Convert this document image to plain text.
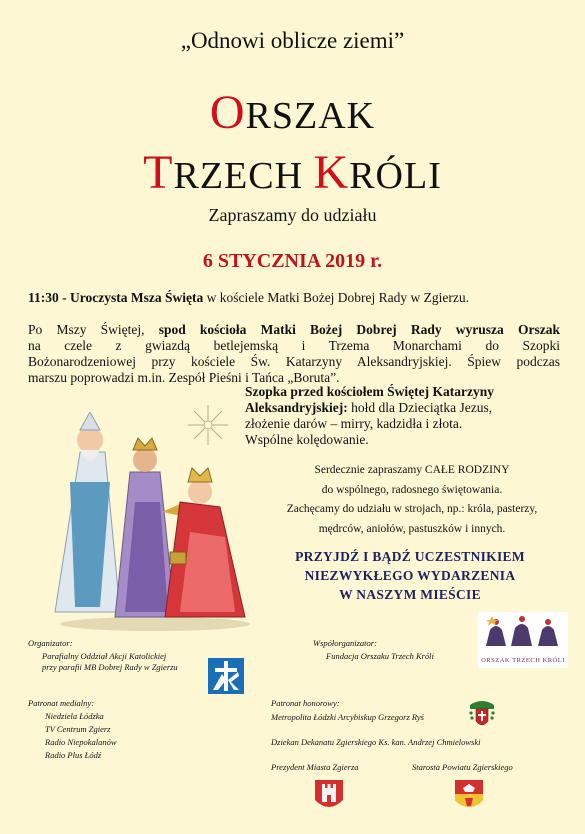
„Odnowi oblicze ziemi”
ORSZAK
TRZECH KRÓLI
Zapraszamy do udziału
6 STYCZNIA 2019 r.
11:30 - Uroczysta Msza Święta w kościele Matki Bożej Dobrej Rady w Zgierzu.
Po Mszy Świętej, spod kościoła Matki Bożej Dobrej Rady wyrusza Orszak
na czele z gwiazdą betlejemską i Trzema Monarchami do Szopki
Bożonarodzeniowej przy kościele Św. Katarzyny Aleksandryjskiej. Śpiew podczas
marszu poprowadzi m.in. Zespół Pieśni i Tańca „Boruta”.
Szopka przed kościołem Świętej Katarzyny
Aleksandryjskiej: hołd dla Dzieciątka Jezus,
złożenie darów – mirry, kadzidła i złota.
Wspólne kolędowanie.
Serdecznie zapraszamy CAŁE RODZINY
do wspólnego, radosnego świętowania.
Zachęcamy do udziału w strojach, np.: króla, pasterzy,
mędrców, aniołów, pastuszków i innych.
PRZYJDŹ I BĄDŹ UCZESTNIKIEM
NIEZWYKŁEGO WYDARZENIA
W NASZYM MIEŚCIE
Organizator:
Parafialny Oddział Akcji Katolickiej
przy parafii MB Dobrej Rady w Zgierzu
Współorganizator:
Fundacja Orszaku Trzech Króli	ORSZAK TRZECH KRÓLI
Patronat medialny:
Niedziela Łódzka
TV Centrum Zgierz
Radio Niepokalanów
Radio Plus Łódź
Patronat honorowy:
Metropolita Łódzki Arcybiskup Grzegorz Ryś
Dziekan Dekanatu Zgierskiego Ks. kan. Andrzej Chmielowski
Prezydent Miasta Zgierza	Starosta Powiatu Zgierskiego
